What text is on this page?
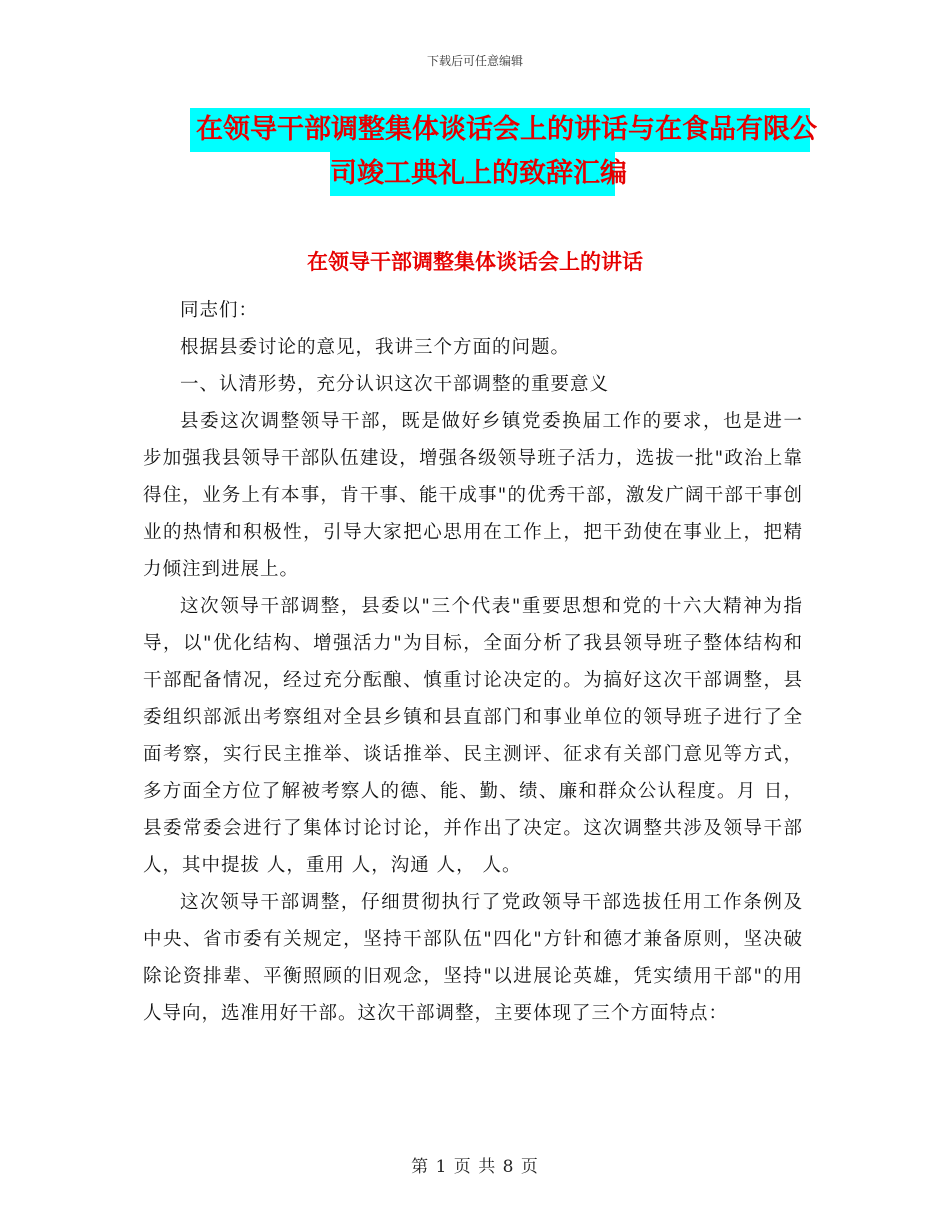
下载后可任意编辑
在领导干部调整集体谈话会上的讲话与在食品有限公
司竣工典礼上的致辞汇编
在领导干部调整集体谈话会上的讲话

同志们：

根据县委讨论的意见，我讲三个方面的问题。

一、认清形势，充分认识这次干部调整的重要意义

县委这次调整领导干部，既是做好乡镇党委换届工作的要求，也是进一步加强我县领导干部队伍建设，增强各级领导班子活力，选拔一批"政治上靠得住，业务上有本事，肯干事、能干成事"的优秀干部，激发广阔干部干事创业的热情和积极性，引导大家把心思用在工作上，把干劲使在事业上，把精力倾注到进展上。

这次领导干部调整，县委以"三个代表"重要思想和党的十六大精神为指导，以"优化结构、增强活力"为目标，全面分析了我县领导班子整体结构和干部配备情况，经过充分酝酿、慎重讨论决定的。为搞好这次干部调整，县委组织部派出考察组对全县乡镇和县直部门和事业单位的领导班子进行了全面考察，实行民主推举、谈话推举、民主测评、征求有关部门意见等方式，多方面全方位了解被考察人的德、能、勤、绩、廉和群众公认程度。月 日，县委常委会进行了集体讨论讨论，并作出了决定。这次调整共涉及领导干部 人，其中提拔 人，重用 人，沟通 人， 人。

这次领导干部调整，仔细贯彻执行了党政领导干部选拔任用工作条例及中央、省市委有关规定，坚持干部队伍"四化"方针和德才兼备原则，坚决破除论资排辈、平衡照顾的旧观念，坚持"以进展论英雄，凭实绩用干部"的用人导向，选准用好干部。这次干部调整，主要体现了三个方面特点：

第 1 页 共 8 页
